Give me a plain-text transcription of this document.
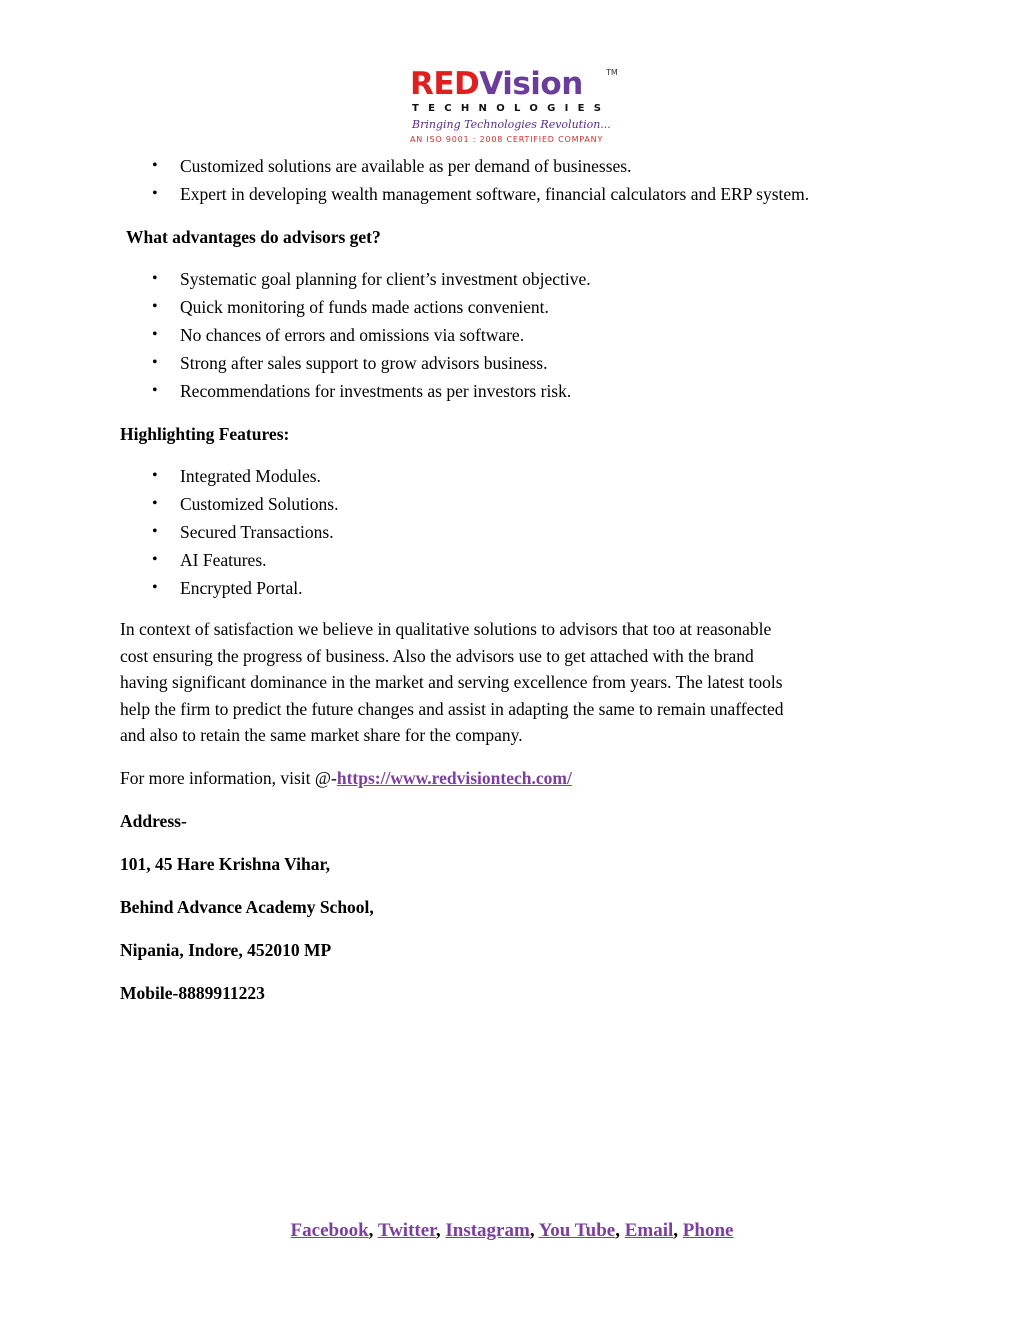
REDVision	TM
TECHNOLOGIES
Bringing Technologies Revolution...
AN ISO 9001 : 2008 CERTIFIED COMPANY
• Customized solutions are available as per demand of businesses.
• Expert in developing wealth management software, financial calculators and ERP system.
What advantages do advisors get?
• Systematic goal planning for client’s investment objective.
• Quick monitoring of funds made actions convenient.
• No chances of errors and omissions via software.
• Strong after sales support to grow advisors business.
• Recommendations for investments as per investors risk.
Highlighting Features:
• Integrated Modules.
• Customized Solutions.
• Secured Transactions.
• AI Features.
• Encrypted Portal.
In context of satisfaction we believe in qualitative solutions to advisors that too at reasonable
cost ensuring the progress of business. Also the advisors use to get attached with the brand
having significant dominance in the market and serving excellence from years. The latest tools
help the firm to predict the future changes and assist in adapting the same to remain unaffected
and also to retain the same market share for the company.
For more information, visit @-https://www.redvisiontech.com/
Address-
101, 45 Hare Krishna Vihar,
Behind Advance Academy School,
Nipania, Indore, 452010 MP
Mobile-8889911223
Facebook, Twitter, Instagram, You Tube, Email, Phone
